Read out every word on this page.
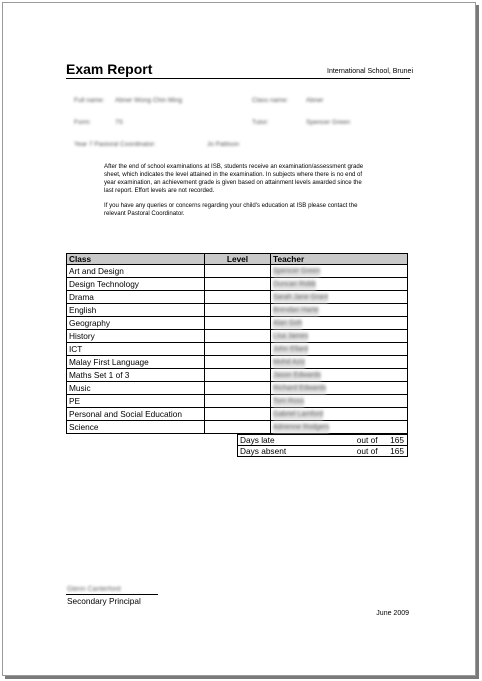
Exam Report	International School, Brunei
Full name: Abner Wong Chin Ming	Class name:	Abner
Form:	7S	Tutor:	Spencer Green
Year 7 Pastoral Coordinator:	Jo Pattison

After the end of school examinations at ISB, students receive an examination/assessment grade sheet, which indicates the level attained in the examination. In subjects where there is no end of year examination, an achievement grade is given based on attainment levels awarded since the last report. Effort levels are not recorded.

If you have any queries or concerns regarding your child's education at ISB please contact the relevant Pastoral Coordinator.

Class	Level	Teacher
Art and Design		Spencer Green
Design Technology		Duncan Robb
Drama		Sarah Jane Grant
English		Brendan Harte
Geography		Alan Goh
History		Lisa James
ICT		John Ellard
Malay First Language		Mohd Aziz
Maths Set 1 of 3		Jason Edwards
Music		Richard Edwards
PE		Tom Ross
Personal and Social Education		Gabriel Lamford
Science		Adrienne Rodgers
Days late	out of	165
Days absent	out of	165
Glenn Canterford
Secondary Principal
June 2009
